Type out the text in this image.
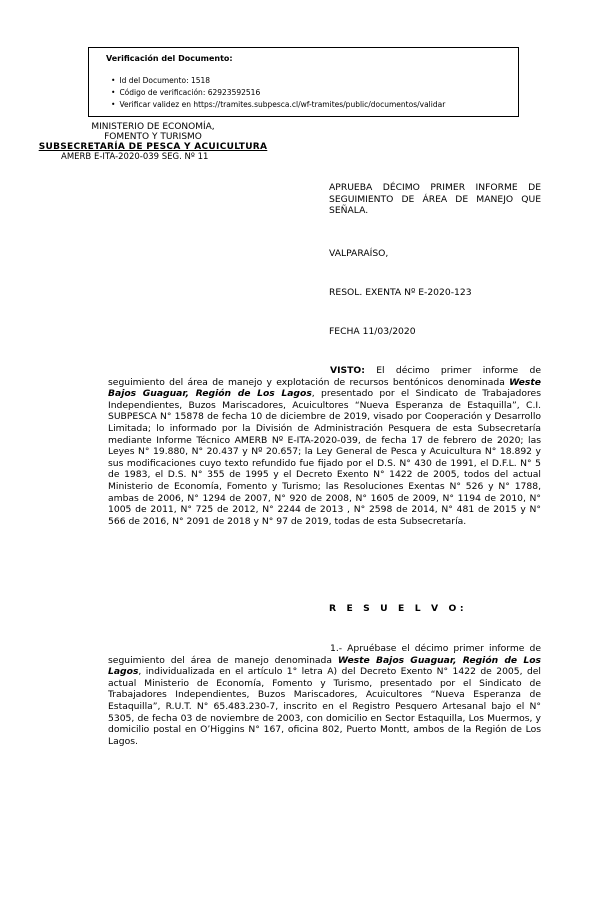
Verificación del Documento:
• Id del Documento: 1518
• Código de verificación: 62923592516
• Verificar validez en https://tramites.subpesca.cl/wf-tramites/public/documentos/validar
MINISTERIO DE ECONOMÍA,
FOMENTO Y TURISMO
SUBSECRETARÍA DE PESCA Y ACUICULTURA
AMERB E-ITA-2020-039 SEG. Nº 11
APRUEBA DÉCIMO PRIMER INFORME DE SEGUIMIENTO DE ÁREA DE MANEJO QUE SEÑALA.
VALPARAÍSO,
RESOL. EXENTA Nº E-2020-123
FECHA 11/03/2020
VISTO: El décimo primer informe de seguimiento del área de manejo y explotación de recursos bentónicos denominada Weste Bajos Guaguar, Región de Los Lagos, presentado por el Sindicato de Trabajadores Independientes, Buzos Mariscadores, Acuicultores “Nueva Esperanza de Estaquilla”, C.I. SUBPESCA N° 15878 de fecha 10 de diciembre de 2019, visado por Cooperación y Desarrollo Limitada; lo informado por la División de Administración Pesquera de esta Subsecretaría mediante Informe Técnico AMERB Nº E-ITA-2020-039, de fecha 17 de febrero de 2020; las Leyes N° 19.880, N° 20.437 y Nº 20.657; la Ley General de Pesca y Acuicultura N° 18.892 y sus modificaciones cuyo texto refundido fue fijado por el D.S. N° 430 de 1991, el D.F.L. N° 5 de 1983, el D.S. N° 355 de 1995 y el Decreto Exento N° 1422 de 2005, todos del actual Ministerio de Economía, Fomento y Turismo; las Resoluciones Exentas N° 526 y N° 1788, ambas de 2006, N° 1294 de 2007, N° 920 de 2008, N° 1605 de 2009, N° 1194 de 2010, N° 1005 de 2011, N° 725 de 2012, N° 2244 de 2013 , N° 2598 de 2014, N° 481 de 2015 y N° 566 de 2016, N° 2091 de 2018 y N° 97 de 2019, todas de esta Subsecretaría.
R E S U E L V O:
1.- Apruébase el décimo primer informe de seguimiento del área de manejo denominada Weste Bajos Guaguar, Región de Los Lagos, individualizada en el artículo 1° letra A) del Decreto Exento N° 1422 de 2005, del actual Ministerio de Economía, Fomento y Turismo, presentado por el Sindicato de Trabajadores Independientes, Buzos Mariscadores, Acuicultores “Nueva Esperanza de Estaquilla”, R.U.T. N° 65.483.230-7, inscrito en el Registro Pesquero Artesanal bajo el N° 5305, de fecha 03 de noviembre de 2003, con domicilio en Sector Estaquilla, Los Muermos, y domicilio postal en O’Higgins N° 167, oficina 802, Puerto Montt, ambos de la Región de Los Lagos.
